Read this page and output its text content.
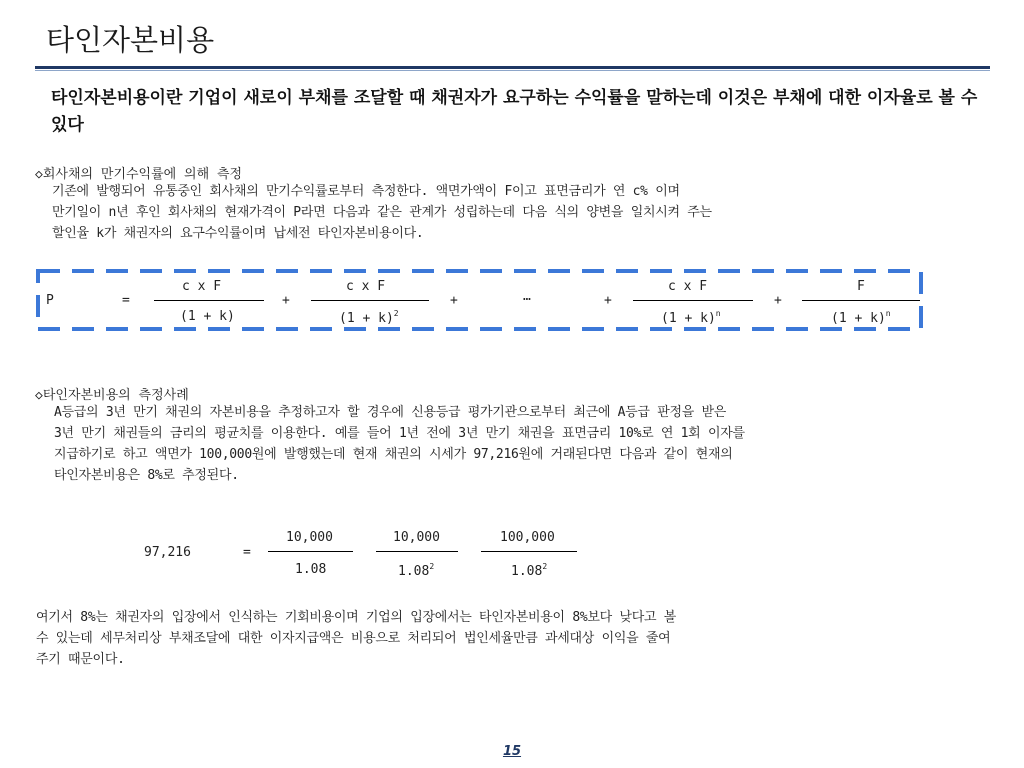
타인자본비용
타인자본비용이란 기업이 새로이 부채를 조달할 때 채권자가 요구하는 수익률을 말하는데 이것은 부채에 대한 이자율로 볼 수 있다
◇회사채의 만기수익률에 의해 측정
기존에 발행되어 유통중인 회사채의 만기수익률로부터 측정한다. 액면가액이 F이고 표면금리가 연 c% 이며
만기일이 n년 후인 회사채의 현재가격이 P라면 다음과 같은 관계가 성립하는데 다음 식의 양변을 일치시켜 주는
할인율 k가 채권자의 요구수익률이며 납세전 타인자본비용이다.
P	=
c x F
(1 + k)
+
c x F
$(1 + k)^2$
+	…	+
c x F
$(1 + k)^n$
+
F
$(1 + k)^n$
◇타인자본비용의 측정사례
A등급의 3년 만기 채권의 자본비용을 추정하고자 할 경우에 신용등급 평가기관으로부터 최근에 A등급 판정을 받은
3년 만기 채권들의 금리의 평균치를 이용한다. 예를 들어 1년 전에 3년 만기 채권을 표면금리 10%로 연 1회 이자를
지급하기로 하고 액면가 100,000원에 발행했는데 현재 채권의 시세가 97,216원에 거래된다면 다음과 같이 현재의
타인자본비용은 8%로 추정된다.
97,216	=
10,000
1.08
10,000
1.08$^2$
100,000
1.08$^2$
여기서 8%는 채권자의 입장에서 인식하는 기회비용이며 기업의 입장에서는 타인자본비용이 8%보다 낮다고 볼
수 있는데 세무처리상 부채조달에 대한 이자지급액은 비용으로 처리되어 법인세율만큼 과세대상 이익을 줄여
주기 때문이다.
15
